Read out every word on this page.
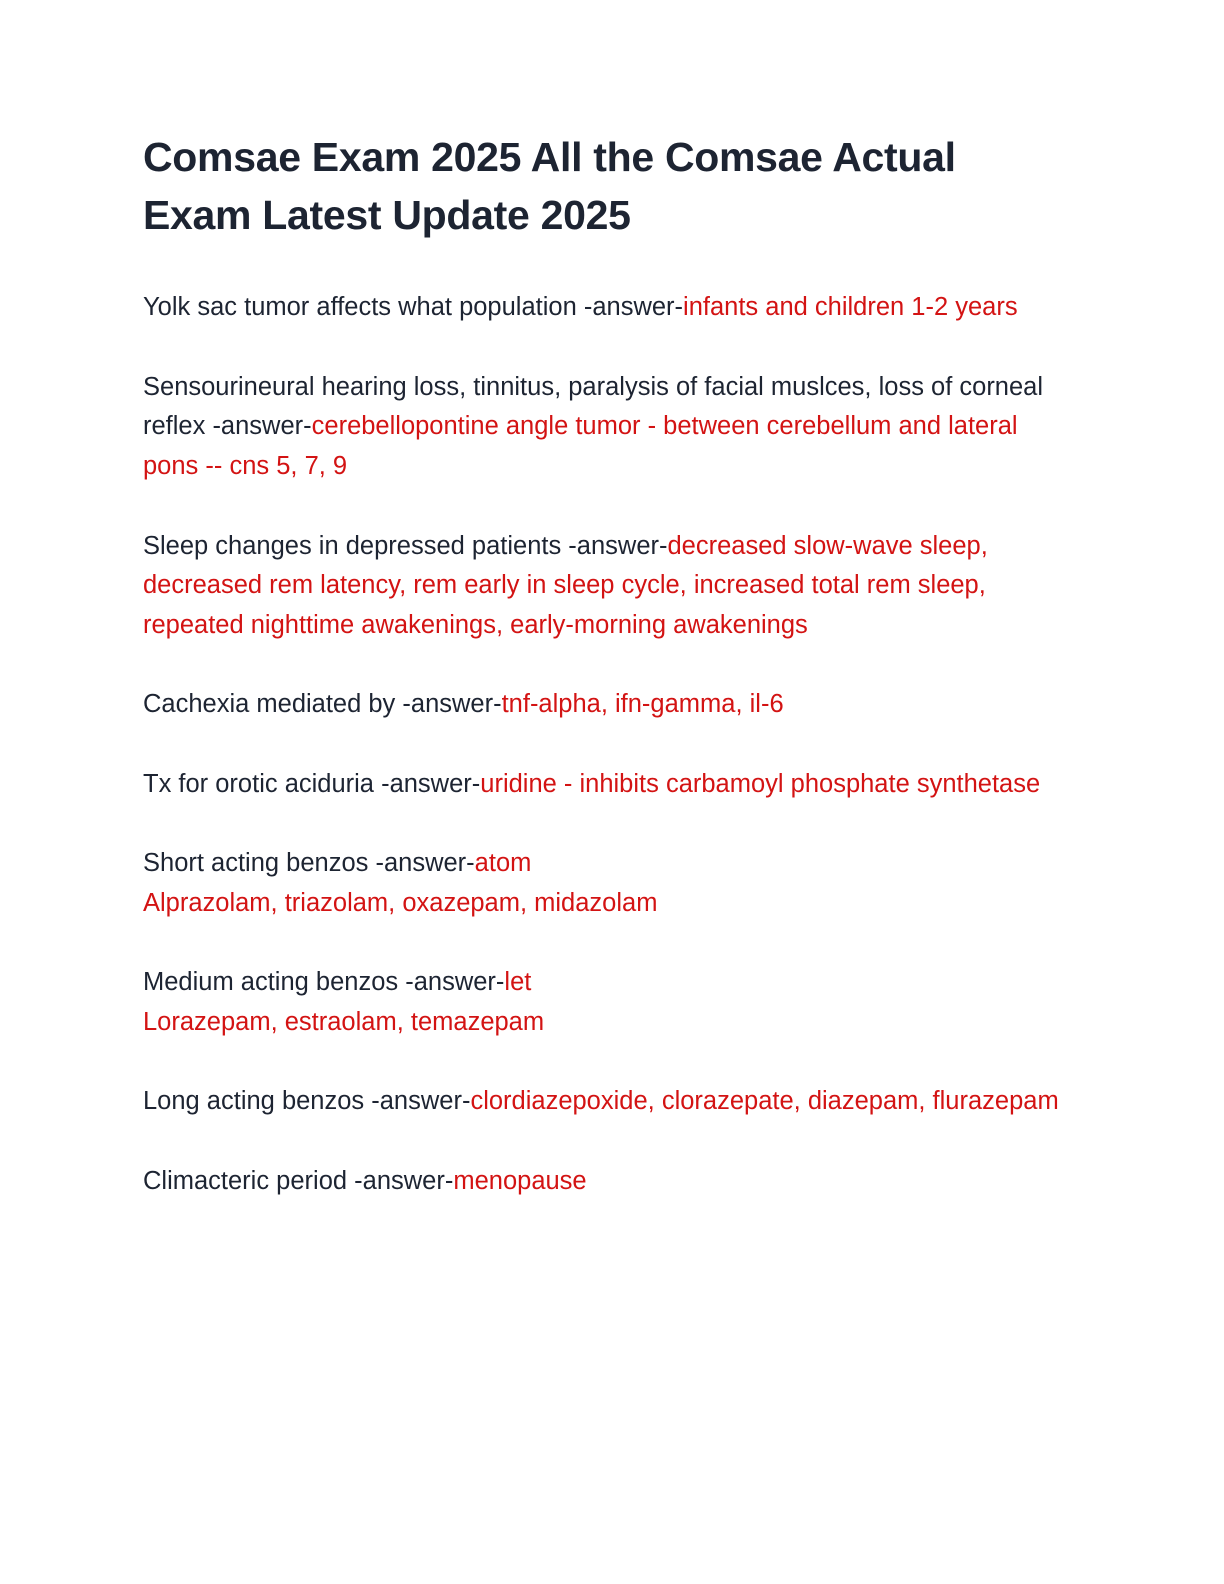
Comsae Exam 2025 All the Comsae Actual Exam Latest Update 2025

Yolk sac tumor affects what population -answer-infants and children 1-2 years

Sensourineural hearing loss, tinnitus, paralysis of facial muslces, loss of corneal reflex -answer-cerebellopontine angle tumor - between cerebellum and lateral pons -- cns 5, 7, 9

Sleep changes in depressed patients -answer-decreased slow-wave sleep, decreased rem latency, rem early in sleep cycle, increased total rem sleep, repeated nighttime awakenings, early-morning awakenings

Cachexia mediated by -answer-tnf-alpha, ifn-gamma, il-6

Tx for orotic aciduria -answer-uridine - inhibits carbamoyl phosphate synthetase

Short acting benzos -answer-atom
Alprazolam, triazolam, oxazepam, midazolam

Medium acting benzos -answer-let
Lorazepam, estraolam, temazepam

Long acting benzos -answer-clordiazepoxide, clorazepate, diazepam, flurazepam

Climacteric period -answer-menopause
